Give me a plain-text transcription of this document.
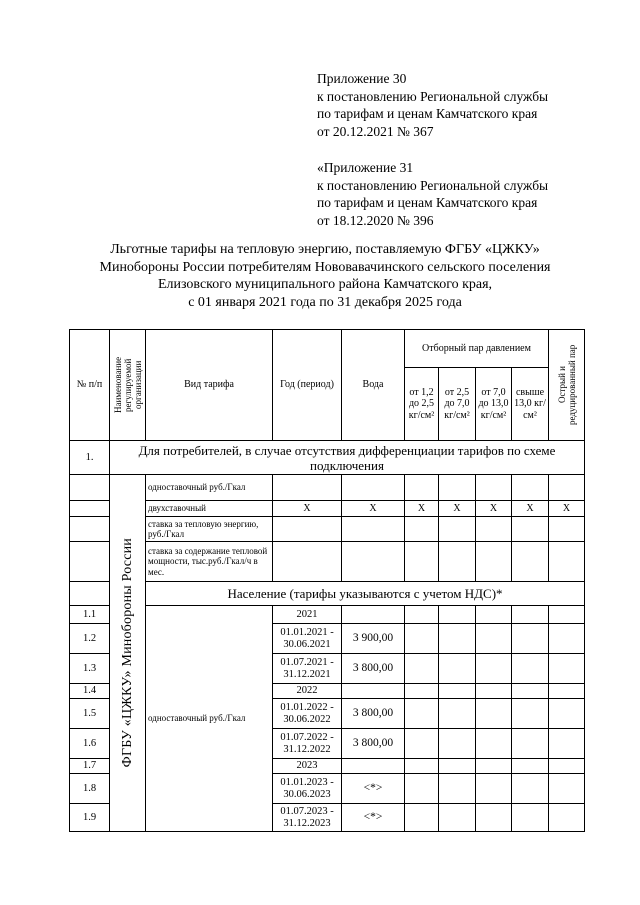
Приложение 30
к постановлению Региональной службы
по тарифам и ценам Камчатского края
от 20.12.2021 № 367
«Приложение 31
к постановлению Региональной службы
по тарифам и ценам Камчатского края
от 18.12.2020 № 396
Льготные тарифы на тепловую энергию, поставляемую ФГБУ «ЦЖКУ»
Минобороны России потребителям Нововавачинского сельского поселения
Елизовского муниципального района Камчатского края,
с 01 января 2021 года по 31 декабря 2025 года
№ п/п	Наименование регулируемой организации	Вид тарифа	Год (период)	Вода	Отборный пар давлением				Острый и редуцированный пар

					от 1,2 до 2,5 кг/см²	от 2,5 до 7,0 кг/см²	от 7,0 до 13,0 кг/см²	свыше 13,0 кг/см²	
1.	Для потребителей, в случае отсутствия дифференциации тарифов по схеме подключения								

	ФГБУ «ЦЖКУ» Минобороны России	одноставочный руб./Гкал							
		двухставочный	X	X	X	X	X	X	X
		ставка за тепловую энергию, руб./Гкал							
		ставка за содержание тепловой мощности, тыс.руб./Гкал/ч в мес.							
		Население (тарифы указываются с учетом НДС)*							
1.1		одноставочный руб./Гкал	2021						
1.2			01.01.2021 - 30.06.2021	3 900,00					
1.3			01.07.2021 - 31.12.2021	3 800,00					
1.4			2022						
1.5			01.01.2022 - 30.06.2022	3 800,00					
1.6			01.07.2022 - 31.12.2022	3 800,00					
1.7			2023						
1.8			01.01.2023 - 30.06.2023	<*>					
1.9			01.07.2023 - 31.12.2023	<*>					
